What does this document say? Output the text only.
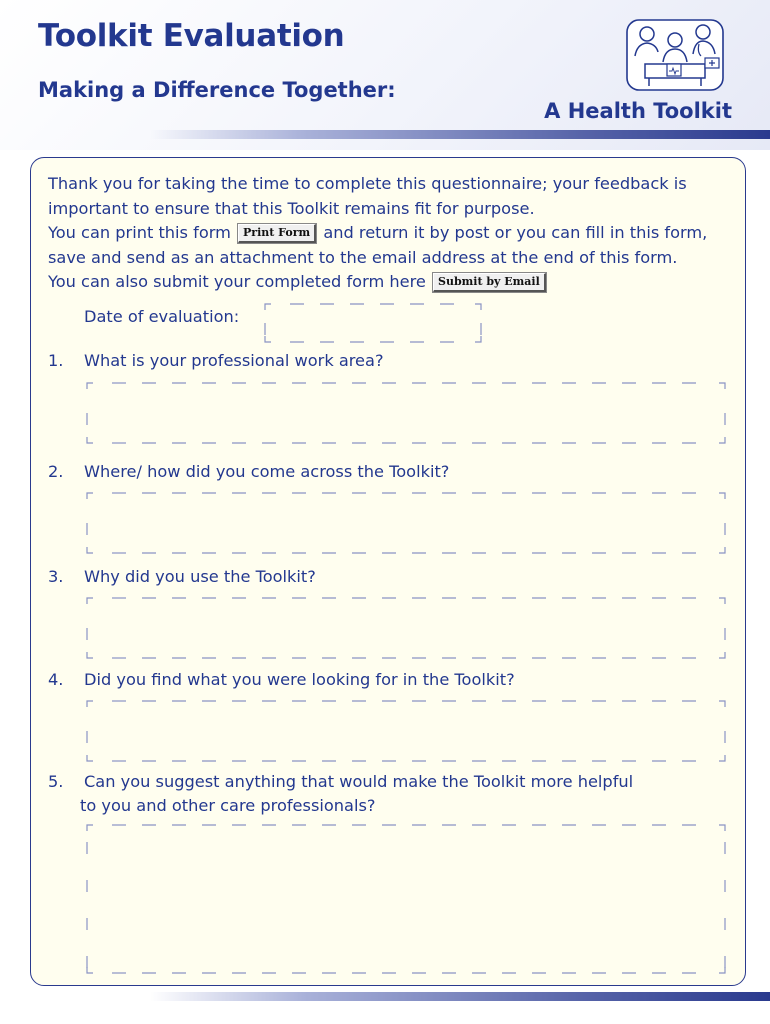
Toolkit Evaluation
Making a Difference Together:
A Health Toolkit

Thank you for taking the time to complete this questionnaire; your feedback is important to ensure that this Toolkit remains fit for purpose.

You can print this form Print Form and return it by post or you can fill in this form, save and send as an attachment to the email address at the end of this form.

You can also submit your completed form here Submit by Email

Date of evaluation:

1. What is your professional work area?

2. Where/ how did you come across the Toolkit?

3. Why did you use the Toolkit?

4. Did you find what you were looking for in the Toolkit?

5. Can you suggest anything that would make the Toolkit more helpful

to you and other care professionals?
